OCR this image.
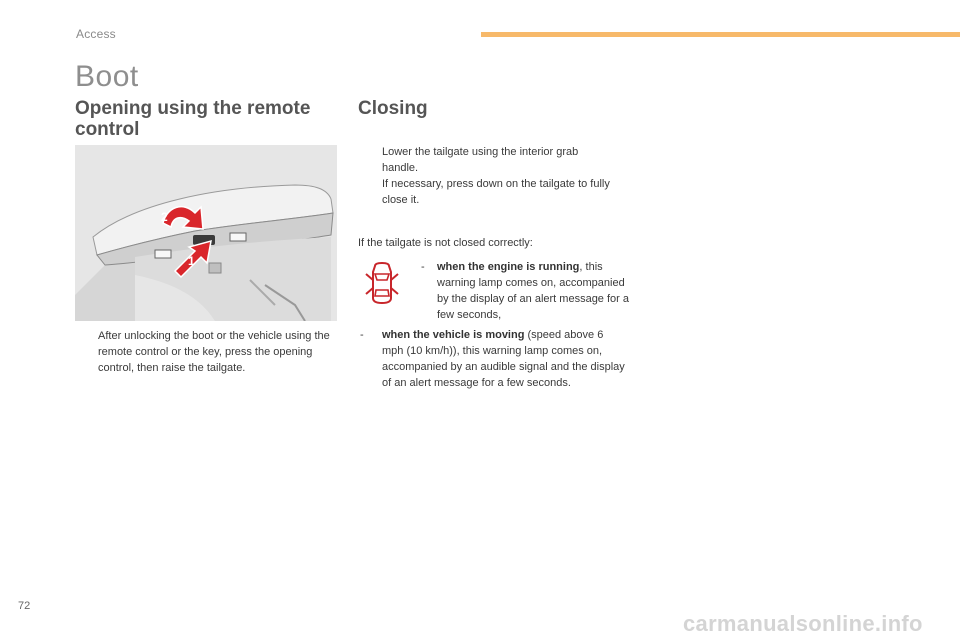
Access
Boot
Opening using the remote control
Closing
2
1
After unlocking the boot or the vehicle using the remote control or the key, press the opening control, then raise the tailgate.
Lower the tailgate using the interior grab handle.
If necessary, press down on the tailgate to fully close it.
If the tailgate is not closed correctly:
-	when the engine is running, this warning lamp comes on, accompanied by the display of an alert message for a few seconds,
-	when the vehicle is moving (speed above 6 mph (10 km/h)), this warning lamp comes on, accompanied by an audible signal and the display of an alert message for a few seconds.
72
carmanualsonline.info
